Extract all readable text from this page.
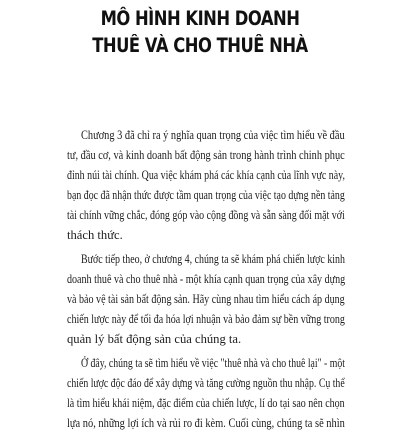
MÔ HÌNH KINH DOANH
THUÊ VÀ CHO THUÊ NHÀ
Chương 3 đã chỉ ra ý nghĩa quan trọng của việc tìm hiểu về đầu
tư, đầu cơ, và kinh doanh bất động sản trong hành trình chinh phục
đỉnh núi tài chính. Qua việc khám phá các khía cạnh của lĩnh vực này,
bạn đọc đã nhận thức được tầm quan trọng của việc tạo dựng nền tảng
tài chính vững chắc, đóng góp vào cộng đồng và sẵn sàng đối mặt với
thách thức.
Bước tiếp theo, ở chương 4, chúng ta sẽ khám phá chiến lược kinh
doanh thuê và cho thuê nhà - một khía cạnh quan trọng của xây dựng
và bảo vệ tài sản bất động sản. Hãy cùng nhau tìm hiểu cách áp dụng
chiến lược này để tối đa hóa lợi nhuận và bảo đảm sự bền vững trong
quản lý bất động sản của chúng ta.
Ở đây, chúng ta sẽ tìm hiểu về việc "thuê nhà và cho thuê lại" - một
chiến lược độc đáo để xây dựng và tăng cường nguồn thu nhập. Cụ thể
là tìm hiểu khái niệm, đặc điểm của chiến lược, lí do tại sao nên chọn
lựa nó, những lợi ích và rủi ro đi kèm. Cuối cùng, chúng ta sẽ nhìn
